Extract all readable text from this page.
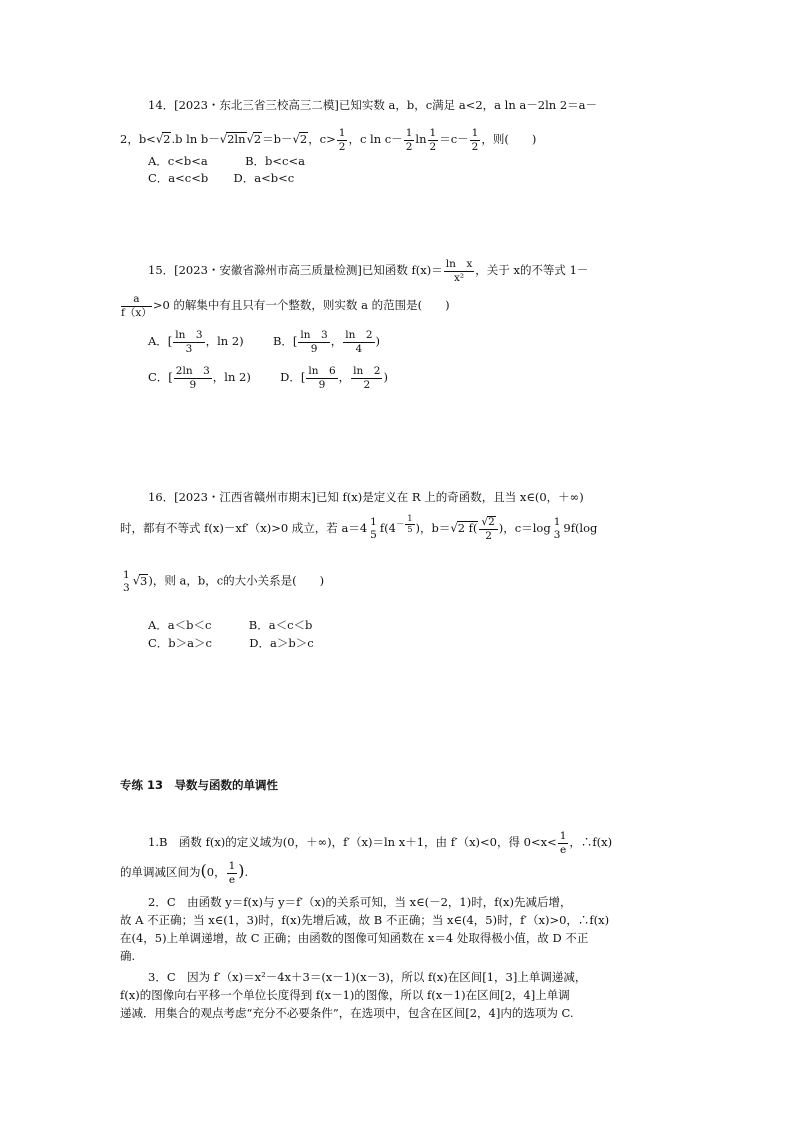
14．[2023・东北三省三校高三二模]已知实数 a，b，c满足 a<2，a ln a－2ln 2＝a－
2，b<√2.b ln b－√2ln√2＝b－√2，$c> \frac{1}{2}$ ，c $\ln c- \frac{1}{2}$ $\ln \frac{1}{2} =c- \frac{1}{2}$ ，则(　　)
A．c<b<a	B．b<c<a
C．a<c<b D．a<b<c
15．[2023・安徽省滁州市高三质量检测]已知函数 $f(x)= \frac{\text{ln　x}}{\text{x²}}$ ，关于 x的不等式 1－
$\frac{a}{f(x)} >0$ 的解集中有且只有一个整数，则实数 a 的范围是(　　)
A．[ $\frac{\ln 3}{3}$ ，ln 2)	B．[ $\frac{\ln 3}{9}$ ， $\frac{\ln 2}{4}$ )
C．[ $\frac{2\ln 3}{9}$ ，ln 2)	D．[ $\frac{\ln 6}{9}$ ， $\frac{\ln 2}{2}$ )
16．[2023・江西省赣州市期末]已知 f(x)是定义在 R 上的奇函数，且当 x∈(0，＋∞)
时，都有不等式 f(x)－xf′（x)>0 成立，若 a＝4 1
5 $f(4^{- \frac{1}{5}}$ )，b＝√2 $f( \frac{√2}{2}$ )，c＝log 1
3 9f(log
1
3 √3)，则 a，b，c的大小关系是(　　)
A．a＜b＜c	B．a＜c＜b
C．b＞a＞c	D．a＞b＞c
专练 13　导数与函数的单调性
1.B　函数 f(x)的定义域为(0，＋∞)，f′（x)＝ln x＋1，由 f′（x)<0，得 $0<x< \frac{1}{e}$ ，∴f(x)
的单调减区间为(0， $\frac{1}{e}$ ).
2．C　由函数 y＝f(x)与 y＝f′（x)的关系可知，当 x∈(－2，1)时，f(x)先减后增，
故 A 不正确；当 x∈(1，3)时，f(x)先增后减，故 B 不正确；当 x∈(4，5)时，f′（x)>0，∴f(x)
在(4，5)上单调递增，故 C 正确；由函数的图像可知函数在 x＝4 处取得极小值，故 D 不正
确.
3．C　因为 f′（x)＝x²－4x＋3＝(x－1)(x－3)，所以 f(x)在区间[1，3]上单调递减，
f(x)的图像向右平移一个单位长度得到 f(x－1)的图像，所以 f(x－1)在区间[2，4]上单调
递减．用集合的观点考虑“充分不必要条件”，在选项中，包含在区间[2，4]内的选项为 C.
